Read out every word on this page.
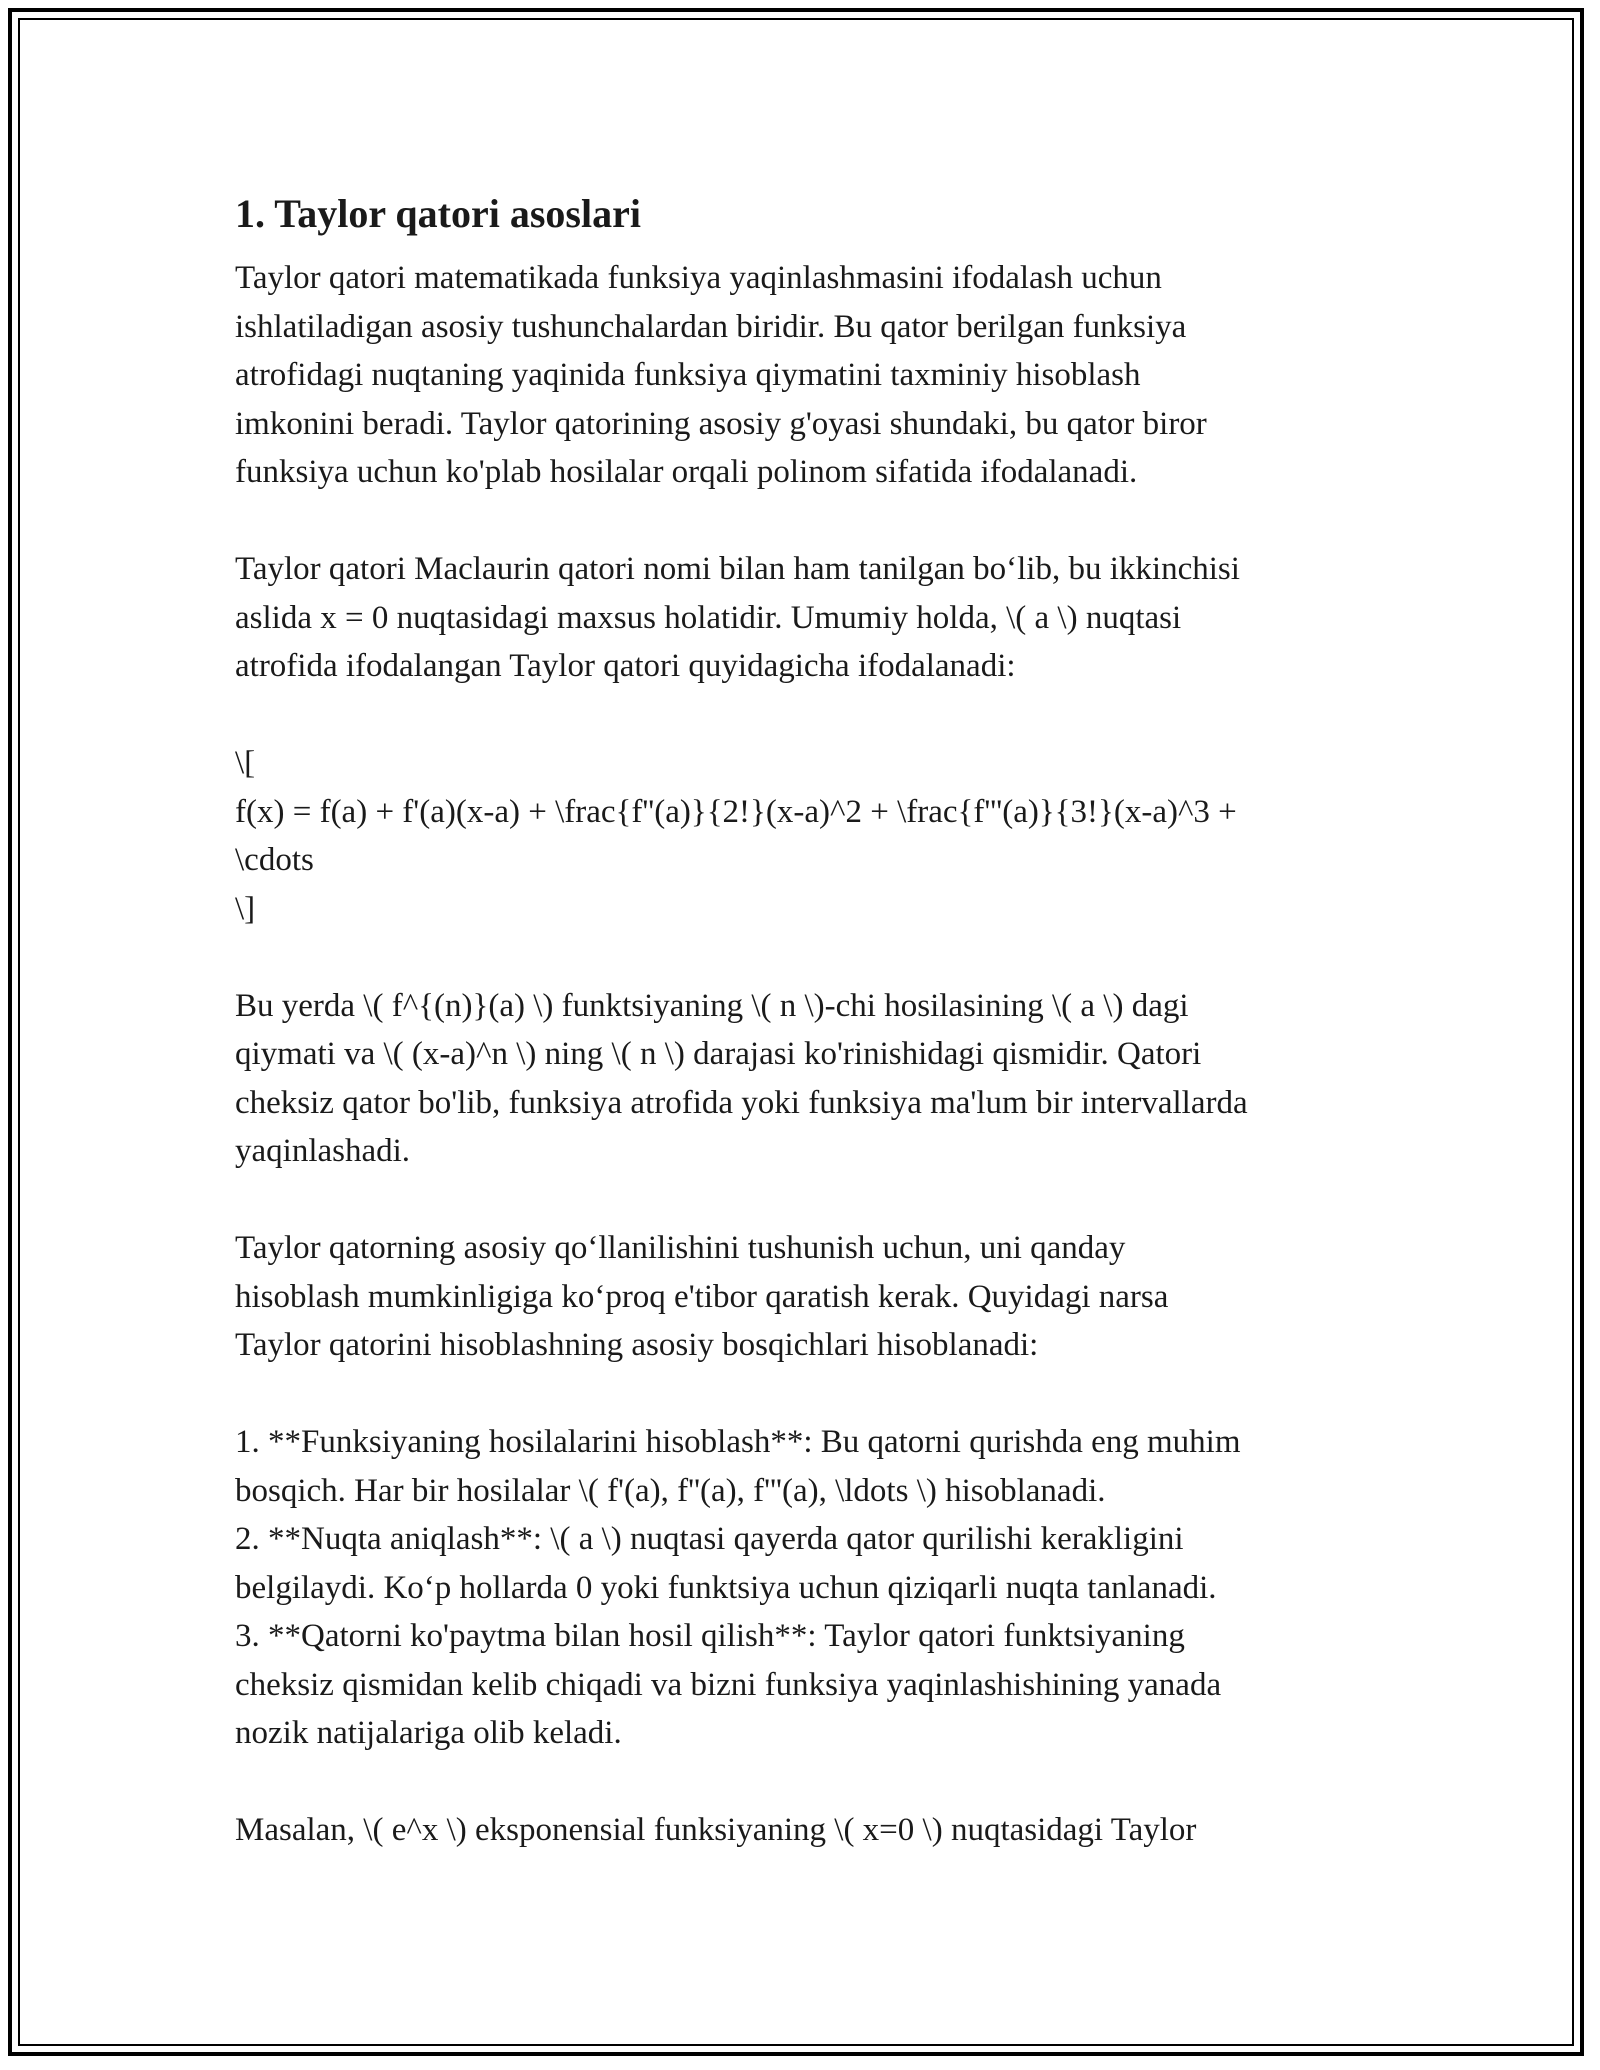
1. Taylor qatori asoslari

Taylor qatori matematikada funksiya yaqinlashmasini ifodalash uchun
ishlatiladigan asosiy tushunchalardan biridir. Bu qator berilgan funksiya
atrofidagi nuqtaning yaqinida funksiya qiymatini taxminiy hisoblash
imkonini beradi. Taylor qatorining asosiy g'oyasi shundaki, bu qator biror
funksiya uchun ko'plab hosilalar orqali polinom sifatida ifodalanadi.

Taylor qatori Maclaurin qatori nomi bilan ham tanilgan bo‘lib, bu ikkinchisi
aslida x = 0 nuqtasidagi maxsus holatidir. Umumiy holda, \( a \) nuqtasi
atrofida ifodalangan Taylor qatori quyidagicha ifodalanadi:

\[
f(x) = f(a) + f'(a)(x-a) + \frac{f''(a)}{2!}(x-a)^2 + \frac{f'''(a)}{3!}(x-a)^3 +
\cdots
\]

Bu yerda \( f^{(n)}(a) \) funktsiyaning \( n \)-chi hosilasining \( a \) dagi
qiymati va \( (x-a)^n \) ning \( n \) darajasi ko'rinishidagi qismidir. Qatori
cheksiz qator bo'lib, funksiya atrofida yoki funksiya ma'lum bir intervallarda
yaqinlashadi.

Taylor qatorning asosiy qo‘llanilishini tushunish uchun, uni qanday
hisoblash mumkinligiga ko‘proq e'tibor qaratish kerak. Quyidagi narsa
Taylor qatorini hisoblashning asosiy bosqichlari hisoblanadi:

1. **Funksiyaning hosilalarini hisoblash**: Bu qatorni qurishda eng muhim
bosqich. Har bir hosilalar \( f'(a), f''(a), f'''(a), \ldots \) hisoblanadi.
2. **Nuqta aniqlash**: \( a \) nuqtasi qayerda qator qurilishi kerakligini
belgilaydi. Ko‘p hollarda 0 yoki funktsiya uchun qiziqarli nuqta tanlanadi.
3. **Qatorni ko'paytma bilan hosil qilish**: Taylor qatori funktsiyaning
cheksiz qismidan kelib chiqadi va bizni funksiya yaqinlashishining yanada
nozik natijalariga olib keladi.

Masalan, \( e^x \) eksponensial funksiyaning \( x=0 \) nuqtasidagi Taylor
